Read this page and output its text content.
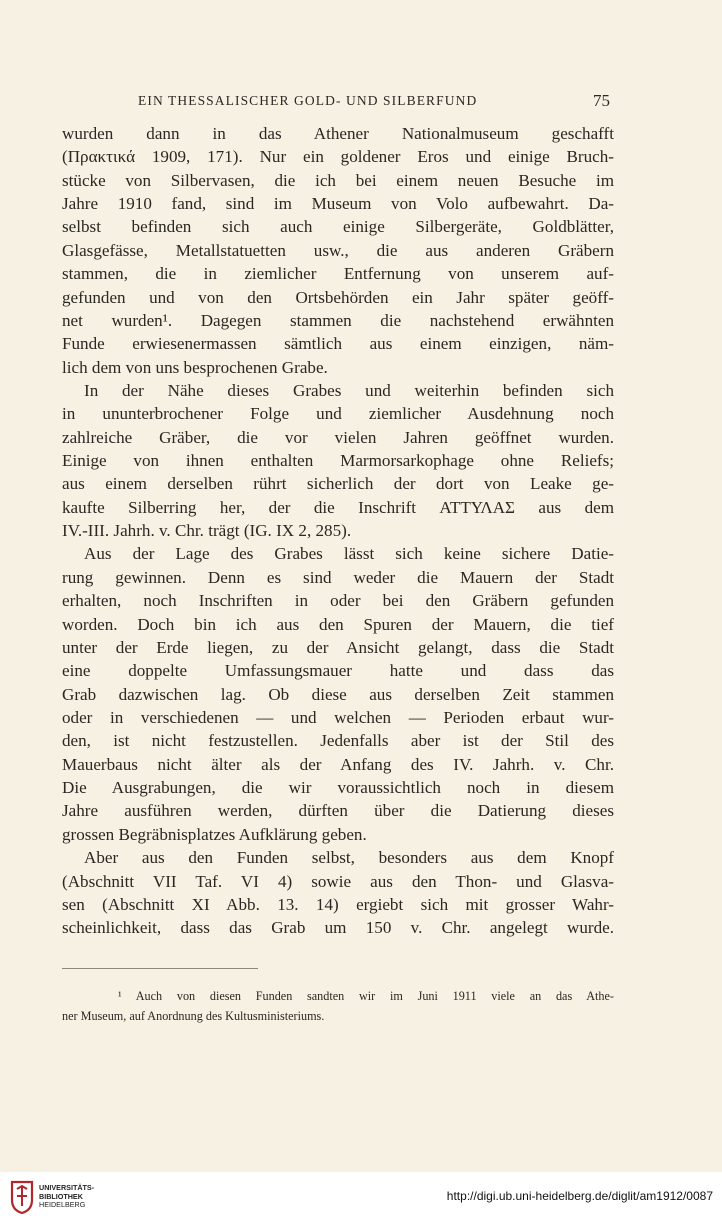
EIN THESSALISCHER GOLD- UND SILBERFUND	75
wurden dann in das Athener Nationalmuseum geschafft
(Πρακτικά 1909, 171). Nur ein goldener Eros und einige Bruch-
stücke von Silbervasen, die ich bei einem neuen Besuche im
Jahre 1910 fand, sind im Museum von Volo aufbewahrt. Da-
selbst befinden sich auch einige Silbergeräte, Goldblätter,
Glasgefässe, Metallstatuetten usw., die aus anderen Gräbern
stammen, die in ziemlicher Entfernung von unserem auf-
gefunden und von den Ortsbehörden ein Jahr später geöff-
net wurden¹. Dagegen stammen die nachstehend erwähnten
Funde erwiesenermassen sämtlich aus einem einzigen, näm-
lich dem von uns besprochenen Grabe.
In der Nähe dieses Grabes und weiterhin befinden sich
in ununterbrochener Folge und ziemlicher Ausdehnung noch
zahlreiche Gräber, die vor vielen Jahren geöffnet wurden.
Einige von ihnen enthalten Marmorsarkophage ohne Reliefs;
aus einem derselben rührt sicherlich der dort von Leake ge-
kaufte Silberring her, der die Inschrift ΑΤΤΥΛΑΣ aus dem
IV.-III. Jahrh. v. Chr. trägt (IG. IX 2, 285).
Aus der Lage des Grabes lässt sich keine sichere Datie-
rung gewinnen. Denn es sind weder die Mauern der Stadt
erhalten, noch Inschriften in oder bei den Gräbern gefunden
worden. Doch bin ich aus den Spuren der Mauern, die tief
unter der Erde liegen, zu der Ansicht gelangt, dass die Stadt
eine doppelte Umfassungsmauer hatte und dass das
Grab dazwischen lag. Ob diese aus derselben Zeit stammen
oder in verschiedenen — und welchen — Perioden erbaut wur-
den, ist nicht festzustellen. Jedenfalls aber ist der Stil des
Mauerbaus nicht älter als der Anfang des IV. Jahrh. v. Chr.
Die Ausgrabungen, die wir voraussichtlich noch in diesem
Jahre ausführen werden, dürften über die Datierung dieses
grossen Begräbnisplatzes Aufklärung geben.
Aber aus den Funden selbst, besonders aus dem Knopf
(Abschnitt VII Taf. VI 4) sowie aus den Thon- und Glasva-
sen (Abschnitt XI Abb. 13. 14) ergiebt sich mit grosser Wahr-
scheinlichkeit, dass das Grab um 150 v. Chr. angelegt wurde.
¹ Auch von diesen Funden sandten wir im Juni 1911 viele an das Athe-
ner Museum, auf Anordnung des Kultusministeriums.
UNIVERSITÄTS-
BIBLIOTHEK
HEIDELBERG
http://digi.ub.uni-heidelberg.de/diglit/am1912/0087
